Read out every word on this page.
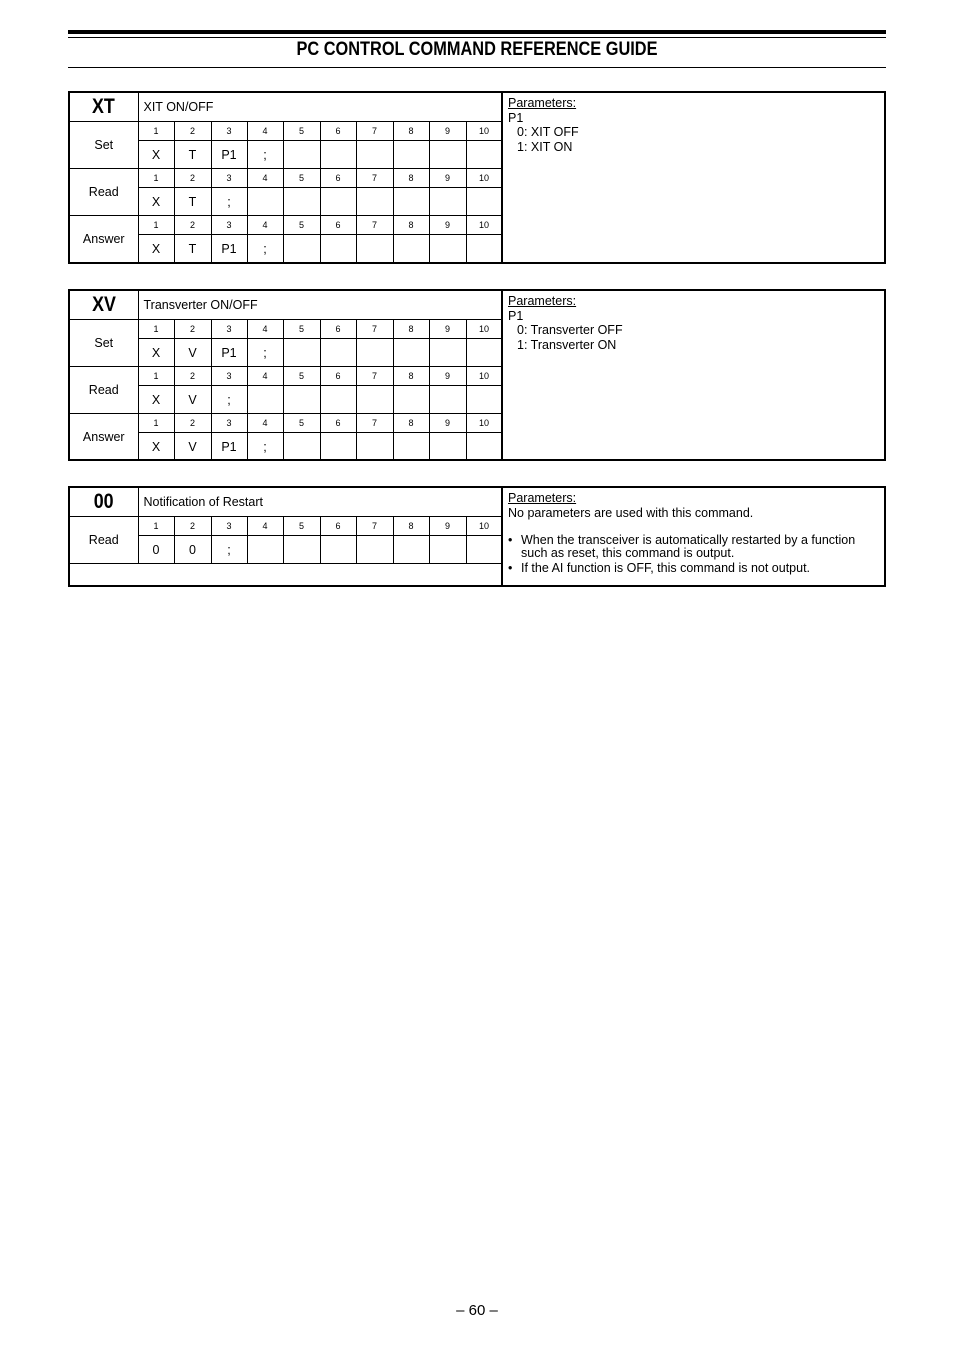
PC CONTROL COMMAND REFERENCE GUIDE
XT	XIT ON/OFF									
Set	1	2	3	4	5	6	7	8	9	10
	X	T	P1	;						
Read	1	2	3	4	5	6	7	8	9	10
	X	T	;							
Answer	1	2	3	4	5	6	7	8	9	10
	X	T	P1	;						
Parameters:
P1
0: XIT OFF
1: XIT ON
XV	Transverter ON/OFF									
Set	1	2	3	4	5	6	7	8	9	10
	X	V	P1	;						
Read	1	2	3	4	5	6	7	8	9	10
	X	V	;							
Answer	1	2	3	4	5	6	7	8	9	10
	X	V	P1	;						
Parameters:
P1
0: Transverter OFF
1: Transverter ON
00	Notification of Restart									
Read	1	2	3	4	5	6	7	8	9	10
	0	0	;							

Parameters:
No parameters are used with this command.
• When the transceiver is automatically restarted by a function such as reset, this command is output.
• If the AI function is OFF, this command is not output.
– 60 –
